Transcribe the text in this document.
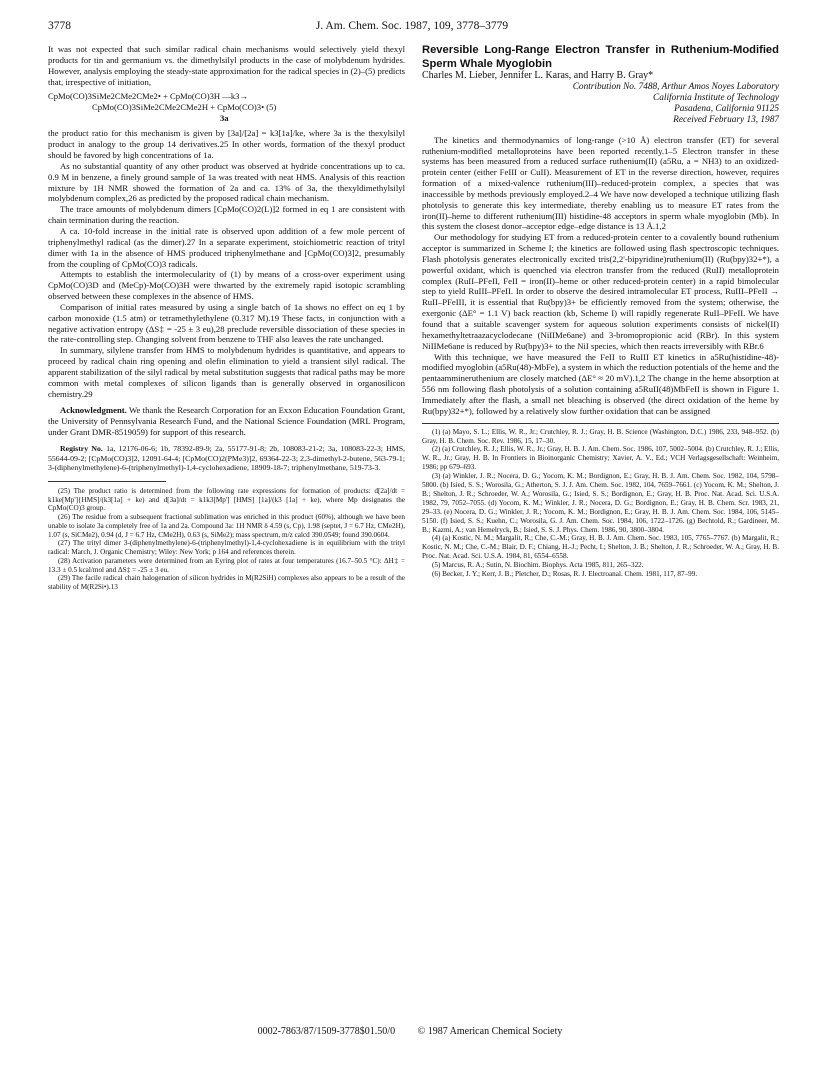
3778	J. Am. Chem. Soc. 1987, 109, 3778–3779

It was not expected that such similar radical chain mechanisms would selectively yield thexyl products for tin and germanium vs. the dimethylsilyl products in the case of molybdenum hydrides. However, analysis employing the steady-state approximation for the radical species in (2)–(5) predicts that, irrespective of initiation,

CpMo(CO)3SiMe2CMe2CMe2• + CpMo(CO)3H —k3→
CpMo(CO)3SiMe2CMe2CMe2H + CpMo(CO)3• (5)
3a

the product ratio for this mechanism is given by [3a]/[2a] = k3[1a]/ke, where 3a is the thexylsilyl product in analogy to the group 14 derivatives.25 In other words, formation of the thexyl product should be favored by high concentrations of 1a.

As no substantial quantity of any other product was observed at hydride concentrations up to ca. 0.9 M in benzene, a finely ground sample of 1a was treated with neat HMS. Analysis of this reaction mixture by 1H NMR showed the formation of 2a and ca. 13% of 3a, the thexyldimethylsilyl molybdenum complex,26 as predicted by the proposed radical chain mechanism.

The trace amounts of molybdenum dimers [CpMo(CO)2(L)]2 formed in eq 1 are consistent with chain termination during the reaction.

A ca. 10-fold increase in the initial rate is observed upon addition of a few mole percent of triphenylmethyl radical (as the dimer).27 In a separate experiment, stoichiometric reaction of trityl dimer with 1a in the absence of HMS produced triphenylmethane and [CpMo(CO)3]2, presumably from the coupling of CpMo(CO)3 radicals.

Attempts to establish the intermolecularity of (1) by means of a cross-over experiment using CpMo(CO)3D and (MeCp)-Mo(CO)3H were thwarted by the extremely rapid isotopic scrambling observed between these complexes in the absence of HMS.

Comparison of initial rates measured by using a single batch of 1a shows no effect on eq 1 by carbon monoxide (1.5 atm) or tetramethylethylene (0.317 M).19 These facts, in conjunction with a negative activation entropy (ΔS‡ = -25 ± 3 eu),28 preclude reversible dissociation of these species in the rate-controlling step. Changing solvent from benzene to THF also leaves the rate unchanged.

In summary, silylene transfer from HMS to molybdenum hydrides is quantitative, and appears to proceed by radical chain ring opening and olefin elimination to yield a transient silyl radical. The apparent stabilization of the silyl radical by metal substitution suggests that radical paths may be more common with metal complexes of silicon ligands than is generally observed in organosilicon chemistry.29

Acknowledgment. We thank the Research Corporation for an Exxon Education Foundation Grant, the University of Pennsylvania Research Fund, and the National Science Foundation (MRL Program, under Grant DMR-8519059) for support of this research.

Registry No. 1a, 12176-06-6; 1b, 78392-89-9; 2a, 55177-91-8; 2b, 108083-21-2; 3a, 108083-22-3; HMS, 55644-09-2; [CpMo(CO)3]2, 12091-64-4; [CpMo(CO)2(PMe3)]2, 69364-22-3; 2,3-dimethyl-2-butene, 563-79-1; 3-(diphenylmethylene)-6-(triphenylmethyl)-1,4-cyclohexadiene, 18909-18-7; triphenylmethane, 519-73-3.

(25) The product ratio is determined from the following rate expressions for formation of products: d[2a]/dt = k1ke[Mp']{HMS]/(k3[1a] + ke) and d[3a]/dt = k1k3[Mp'] [HMS] [1a]/(k3 [1a] + ke), where Mp designates the CpMo(CO)3 group.

(26) The residue from a subsequent fractional sublimation was enriched in this product (60%), although we have been unable to isolate 3a completely free of 1a and 2a. Compound 3a: 1H NMR δ 4.59 (s, Cp), 1.98 (septet, J = 6.7 Hz, CMe2H), 1.07 (s, SiCMe2), 0.94 (d, J = 6.7 Hz, CMe2H), 0.63 (s, SiMe2); mass spectrum, m/z calcd 390.0549; found 390.0604.

(27) The trityl dimer 3-(diphenylmethylene)-6-(triphenylmethyl)-1,4-cyclohexadiene is in equilibrium with the trityl radical: March, J. Organic Chemistry; Wiley: New York; p 164 and references therein.

(28) Activation parameters were determined from an Eyring plot of rates at four temperatures (16.7–50.5 °C): ΔH‡ = 13.3 ± 0.5 kcal/mol and ΔS‡ = -25 ± 3 eu.

(29) The facile radical chain halogenation of silicon hydrides in M(R2SiH) complexes also appears to be a result of the stability of M(R2Si•).13

Reversible Long-Range Electron Transfer in Ruthenium-Modified Sperm Whale Myoglobin

Charles M. Lieber, Jennifer L. Karas, and Harry B. Gray*

Contribution No. 7488, Arthur Amos Noyes Laboratory

California Institute of Technology

Pasadena, California 91125

Received February 13, 1987

The kinetics and thermodynamics of long-range (>10 Å) electron transfer (ET) for several ruthenium-modified metalloproteins have been reported recently.1–5 Electron transfer in these systems has been measured from a reduced surface ruthenium(II) (a5Ru, a = NH3) to an oxidized-protein center (either FeIII or CuII). Measurement of ET in the reverse direction, however, requires formation of a mixed-valence ruthenium(III)–reduced-protein complex, a species that was inaccessible by methods previously employed.2–4 We have now developed a technique utilizing flash photolysis to generate this key intermediate, thereby enabling us to measure ET rates from the iron(II)–heme to different ruthenium(III) histidine-48 acceptors in sperm whale myoglobin (Mb). In this system the closest donor–acceptor edge–edge distance is 13 Å.1,2

Our methodology for studying ET from a reduced-protein center to a covalently bound ruthenium acceptor is summarized in Scheme I; the kinetics are followed using flash spectroscopic techniques. Flash photolysis generates electronically excited tris(2,2'-bipyridine)ruthenium(II) (Ru(bpy)32+*), a powerful oxidant, which is quenched via electron transfer from the reduced (RuII) metalloprotein complex (RuII–PFeII, FeII = iron(II)–heme or other reduced-protein center) in a rapid bimolecular step to yield RuIII–PFeII. In order to observe the desired intramolecular ET process, RuIII–PFeII → RuII–PFeIII, it is essential that Ru(bpy)3+ be efficiently removed from the system; otherwise, the exergonic (ΔE° = 1.1 V) back reaction (kb, Scheme I) will rapidly regenerate RuII–PFeII. We have found that a suitable scavenger system for aqueous solution experiments consists of nickel(II) hexamethyltetraazacyclodecane (NiIIMe6ane) and 3-bromopropionic acid (RBr). In this system NiIIMe6ane is reduced by Ru(bpy)3+ to the NiI species, which then reacts irreversibly with RBr.6

With this technique, we have measured the FeII to RuIII ET kinetics in a5Ru(histidine-48)-modified myoglobin (a5Ru(48)-MbFe), a system in which the reduction potentials of the heme and the pentaammineruthenium are closely matched (ΔE° ≈ 20 mV).1,2 The change in the heme absorption at 556 nm following flash photolysis of a solution containing a5RuII(48)MbFeII is shown in Figure 1. Immediately after the flash, a small net bleaching is observed (the direct oxidation of the heme by Ru(bpy)32+*), followed by a relatively slow further oxidation that can be assigned

(1) (a) Mayo, S. L.; Ellis, W. R., Jr.; Crutchley, R. J.; Gray, H. B. Science (Washington, D.C.) 1986, 233, 948–952. (b) Gray, H. B. Chem. Soc. Rev. 1986, 15, 17–30.

(2) (a) Crutchley, R. J.; Ellis, W. R., Jr.; Gray, H. B. J. Am. Chem. Soc. 1986, 107, 5002–5004. (b) Crutchley, R. J.; Ellis, W. R., Jr.; Gray, H. B. In Frontiers in Bioinorganic Chemistry; Xavier, A. V., Ed.; VCH Verlagsgesellschaft: Weinheim, 1986; pp 679–693.

(3) (a) Winkler, J. R.; Nocera, D. G.; Yocom, K. M.; Bordignon, E.; Gray, H. B. J. Am. Chem. Soc. 1982, 104, 5798–5800. (b) Isied, S. S.; Worosila, G.; Atherton, S. J. J. Am. Chem. Soc. 1982, 104, 7659–7661. (c) Yocom, K. M.; Shelton, J. B.; Shelton, J. R.; Schroeder, W. A.; Worosila, G.; Isied, S. S.; Bordignon, E.; Gray, H. B. Proc. Nat. Acad. Sci. U.S.A. 1982, 79, 7052–7055. (d) Yocom, K. M.; Winkler, J. R.; Nocera, D. G.; Bordignon, E.; Gray, H. B. Chem. Scr. 1983, 21, 29–33. (e) Nocera, D. G.; Winkler, J. R.; Yocom, K. M.; Bordignon, E.; Gray, H. B. J. Am. Chem. Soc. 1984, 106, 5145–5150. (f) Isied, S. S.; Kuehn, C.; Worosila, G. J. Am. Chem. Soc. 1984, 106, 1722–1726. (g) Bechtold, R.; Gardineer, M. B.; Kazmi, A.; van Hemelryck, B.; Isied, S. S. J. Phys. Chem. 1986, 90, 3800–3804.

(4) (a) Kostic, N. M.; Margalit, R.; Che, C.-M.; Gray, H. B. J. Am. Chem. Soc. 1983, 105, 7765–7767. (b) Margalit, R.; Kostic, N. M.; Che, C.-M.; Blair, D. F.; Chiang, H.-J.; Pecht, I.; Shelton, J. B.; Shelton, J. R.; Schroeder, W. A.; Gray, H. B. Proc. Nat. Acad. Sci. U.S.A. 1984, 81, 6554–6558.

(5) Marcus, R. A.; Sutin, N. Biochim. Biophys. Acta 1985, 811, 265–322.

(6) Becker, J. Y.; Kerr, J. B.; Pletcher, D.; Rosas, R. J. Electroanal. Chem. 1981, 117, 87–99.

0002-7863/87/1509-3778$01.50/0 © 1987 American Chemical Society
